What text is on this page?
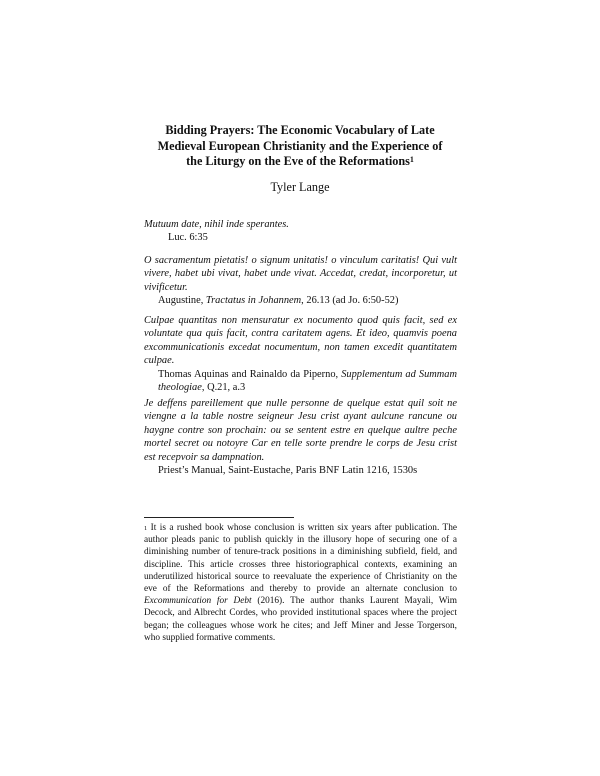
Bidding Prayers: The Economic Vocabulary of Late Medieval European Christianity and the Experience of the Liturgy on the Eve of the Reformations$^1$
Tyler Lange
Mutuum date, nihil inde sperantes.
Luc. 6:35
O sacramentum pietatis! o signum unitatis! o vinculum caritatis! Qui vult vivere, habet ubi vivat, habet unde vivat. Accedat, credat, incorporetur, ut vivificetur.
Augustine, Tractatus in Johannem, 26.13 (ad Jo. 6:50-52)
Culpae quantitas non mensuratur ex nocumento quod quis facit, sed ex voluntate qua quis facit, contra caritatem agens. Et ideo, quamvis poena excommunicationis excedat nocumentum, non tamen excedit quantitatem culpae.
Thomas Aquinas and Rainaldo da Piperno, Supplementum ad Summam theologiae, Q.21, a.3
Je deffens pareillement que nulle personne de quelque estat quil soit ne viengne a la table nostre seigneur Jesu crist ayant aulcune rancune ou haygne contre son prochain: ou se sentent estre en quelque aultre peche mortel secret ou notoyre Car en telle sorte prendre le corps de Jesu crist est recepvoir sa dampnation.
Priest’s Manual, Saint-Eustache, Paris BNF Latin 1216, 1530s
$^1$ It is a rushed book whose conclusion is written six years after publication. The author pleads panic to publish quickly in the illusory hope of securing one of a diminishing number of tenure-track positions in a diminishing subfield, field, and discipline. This article crosses three historiographical contexts, examining an underutilized historical source to reevaluate the experience of Christianity on the eve of the Reformations and thereby to provide an alternate conclusion to Excommunication for Debt (2016). The author thanks Laurent Mayali, Wim Decock, and Albrecht Cordes, who provided institutional spaces where the project began; the colleagues whose work he cites; and Jeff Miner and Jesse Torgerson, who supplied formative comments.
